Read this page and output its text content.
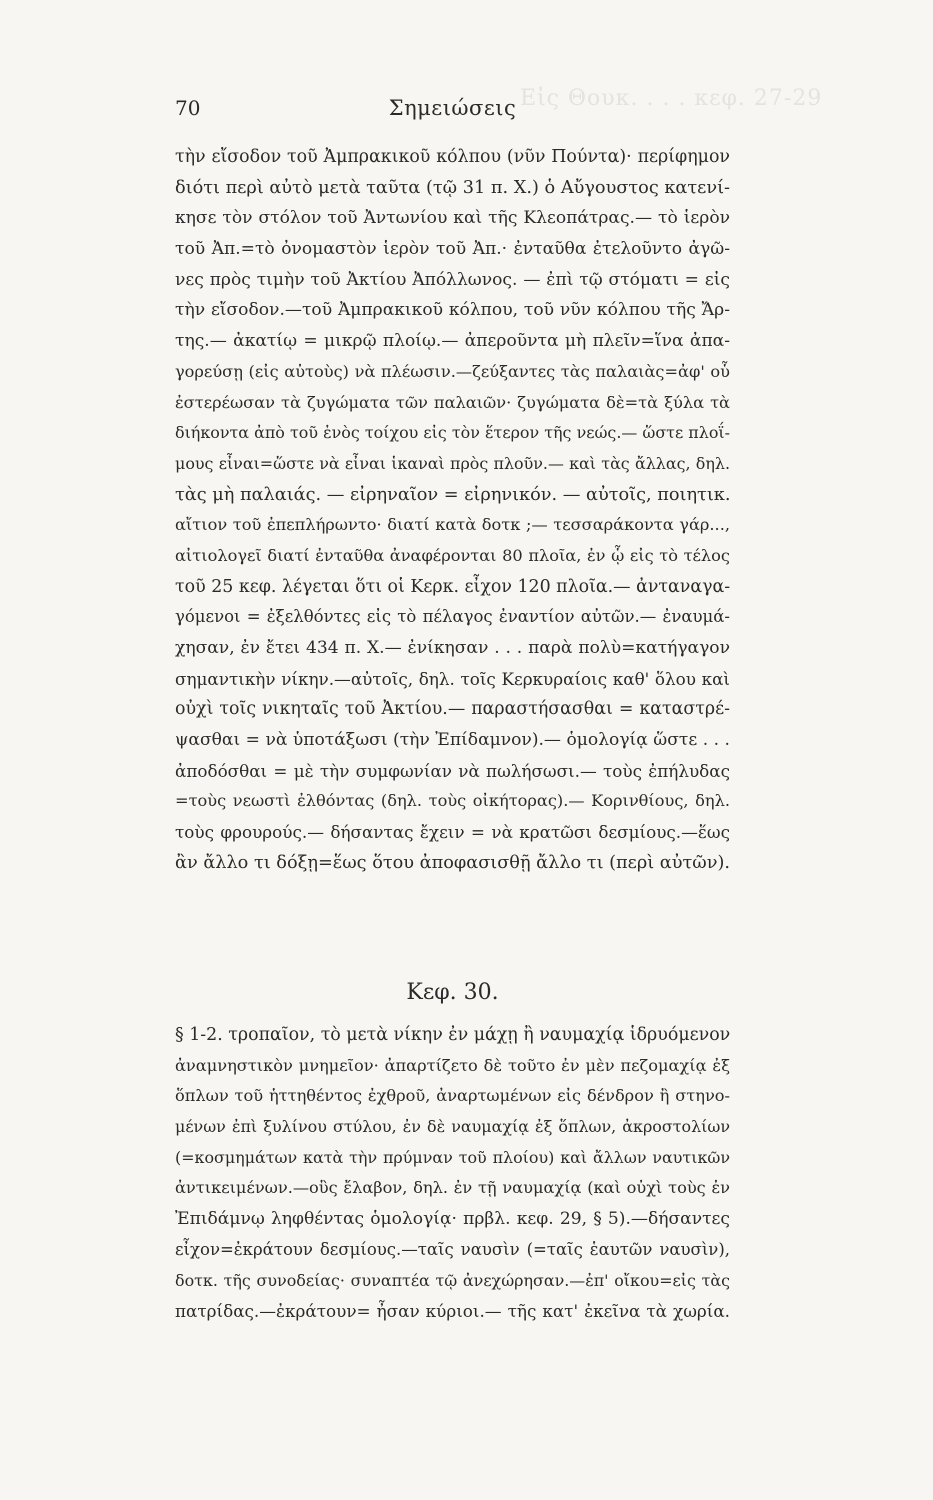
Εἰς Θουκ. . . . κεφ. 27-29
70	Σημειώσεις
τὴν εἴσοδον τοῦ Ἀμπρακικοῦ κόλπου (νῦν Πούντα)· περίφημον
διότι περὶ αὐτὸ μετὰ ταῦτα (τῷ 31 π. Χ.) ὁ Αὔγουστος κατενί-
κησε τὸν στόλον τοῦ Ἀντωνίου καὶ τῆς Κλεοπάτρας.— τὸ ἱερὸν
τοῦ Ἀπ.=τὸ ὀνομαστὸν ἱερὸν τοῦ Ἀπ.· ἐνταῦθα ἐτελοῦντο ἀγῶ-
νες πρὸς τιμὴν τοῦ Ἀκτίου Ἀπόλλωνος. — ἐπὶ τῷ στόματι = εἰς
τὴν εἴσοδον.—τοῦ Ἀμπρακικοῦ κόλπου, τοῦ νῦν κόλπου τῆς Ἄρ-
της.— ἀκατίῳ = μικρῷ πλοίῳ.— ἀπεροῦντα μὴ πλεῖν=ἵνα ἀπα-
γορεύσῃ (εἰς αὐτοὺς) νὰ πλέωσιν.—ζεύξαντες τὰς παλαιὰς=ἀφ' οὗ
ἐστερέωσαν τὰ ζυγώματα τῶν παλαιῶν· ζυγώματα δὲ=τὰ ξύλα τὰ
διήκοντα ἀπὸ τοῦ ἑνὸς τοίχου εἰς τὸν ἕτερον τῆς νεώς.— ὥστε πλοΐ-
μους εἶναι=ὥστε νὰ εἶναι ἱκαναὶ πρὸς πλοῦν.— καὶ τὰς ἄλλας, δηλ.
τὰς μὴ παλαιάς. — εἰρηναῖον = εἰρηνικόν. — αὐτοῖς, ποιητικ.
αἴτιον τοῦ ἐπεπλήρωντο· διατί κατὰ δοτκ ;— τεσσαράκοντα γάρ...,
αἰτιολογεῖ διατί ἐνταῦθα ἀναφέρονται 80 πλοῖα, ἐν ᾧ εἰς τὸ τέλος
τοῦ 25 κεφ. λέγεται ὅτι οἱ Κερκ. εἶχον 120 πλοῖα.— ἀνταναγα-
γόμενοι = ἐξελθόντες εἰς τὸ πέλαγος ἐναντίον αὐτῶν.— ἐναυμά-
χησαν, ἐν ἔτει 434 π. Χ.— ἐνίκησαν . . . παρὰ πολὺ=κατήγαγον
σημαντικὴν νίκην.—αὐτοῖς, δηλ. τοῖς Κερκυραίοις καθ' ὅλου καὶ
οὐχὶ τοῖς νικηταῖς τοῦ Ἀκτίου.— παραστήσασθαι = καταστρέ-
ψασθαι = νὰ ὑποτάξωσι (τὴν Ἐπίδαμνον).— ὁμολογίᾳ ὥστε . . .
ἀποδόσθαι = μὲ τὴν συμφωνίαν νὰ πωλήσωσι.— τοὺς ἐπήλυδας
=τοὺς νεωστὶ ἐλθόντας (δηλ. τοὺς οἰκήτορας).— Κορινθίους, δηλ.
τοὺς φρουρούς.— δήσαντας ἔχειν = νὰ κρατῶσι δεσμίους.—ἕως
ἂν ἄλλο τι δόξῃ=ἕως ὅτου ἀποφασισθῇ ἄλλο τι (περὶ αὐτῶν).
Κεφ. 30.
§ 1-2. τροπαῖον, τὸ μετὰ νίκην ἐν μάχῃ ἢ ναυμαχίᾳ ἱδρυόμενον
ἀναμνηστικὸν μνημεῖον· ἀπαρτίζετο δὲ τοῦτο ἐν μὲν πεζομαχίᾳ ἐξ
ὅπλων τοῦ ἡττηθέντος ἐχθροῦ, ἀναρτωμένων εἰς δένδρον ἢ στηνο-
μένων ἐπὶ ξυλίνου στύλου, ἐν δὲ ναυμαχίᾳ ἐξ ὅπλων, ἀκροστολίων
(=κοσμημάτων κατὰ τὴν πρύμναν τοῦ πλοίου) καὶ ἄλλων ναυτικῶν
ἀντικειμένων.—οὓς ἔλαβον, δηλ. ἐν τῇ ναυμαχίᾳ (καὶ οὐχὶ τοὺς ἐν
Ἐπιδάμνῳ ληφθέντας ὁμολογίᾳ· πρβλ. κεφ. 29, § 5).—δήσαντες
εἶχον=ἐκράτουν δεσμίους.—ταῖς ναυσὶν (=ταῖς ἑαυτῶν ναυσὶν),
δοτκ. τῆς συνοδείας· συναπτέα τῷ ἀνεχώρησαν.—ἐπ' οἴκου=εἰς τὰς
πατρίδας.—ἐκράτουν= ἦσαν κύριοι.— τῆς κατ' ἐκεῖνα τὰ χωρία.
